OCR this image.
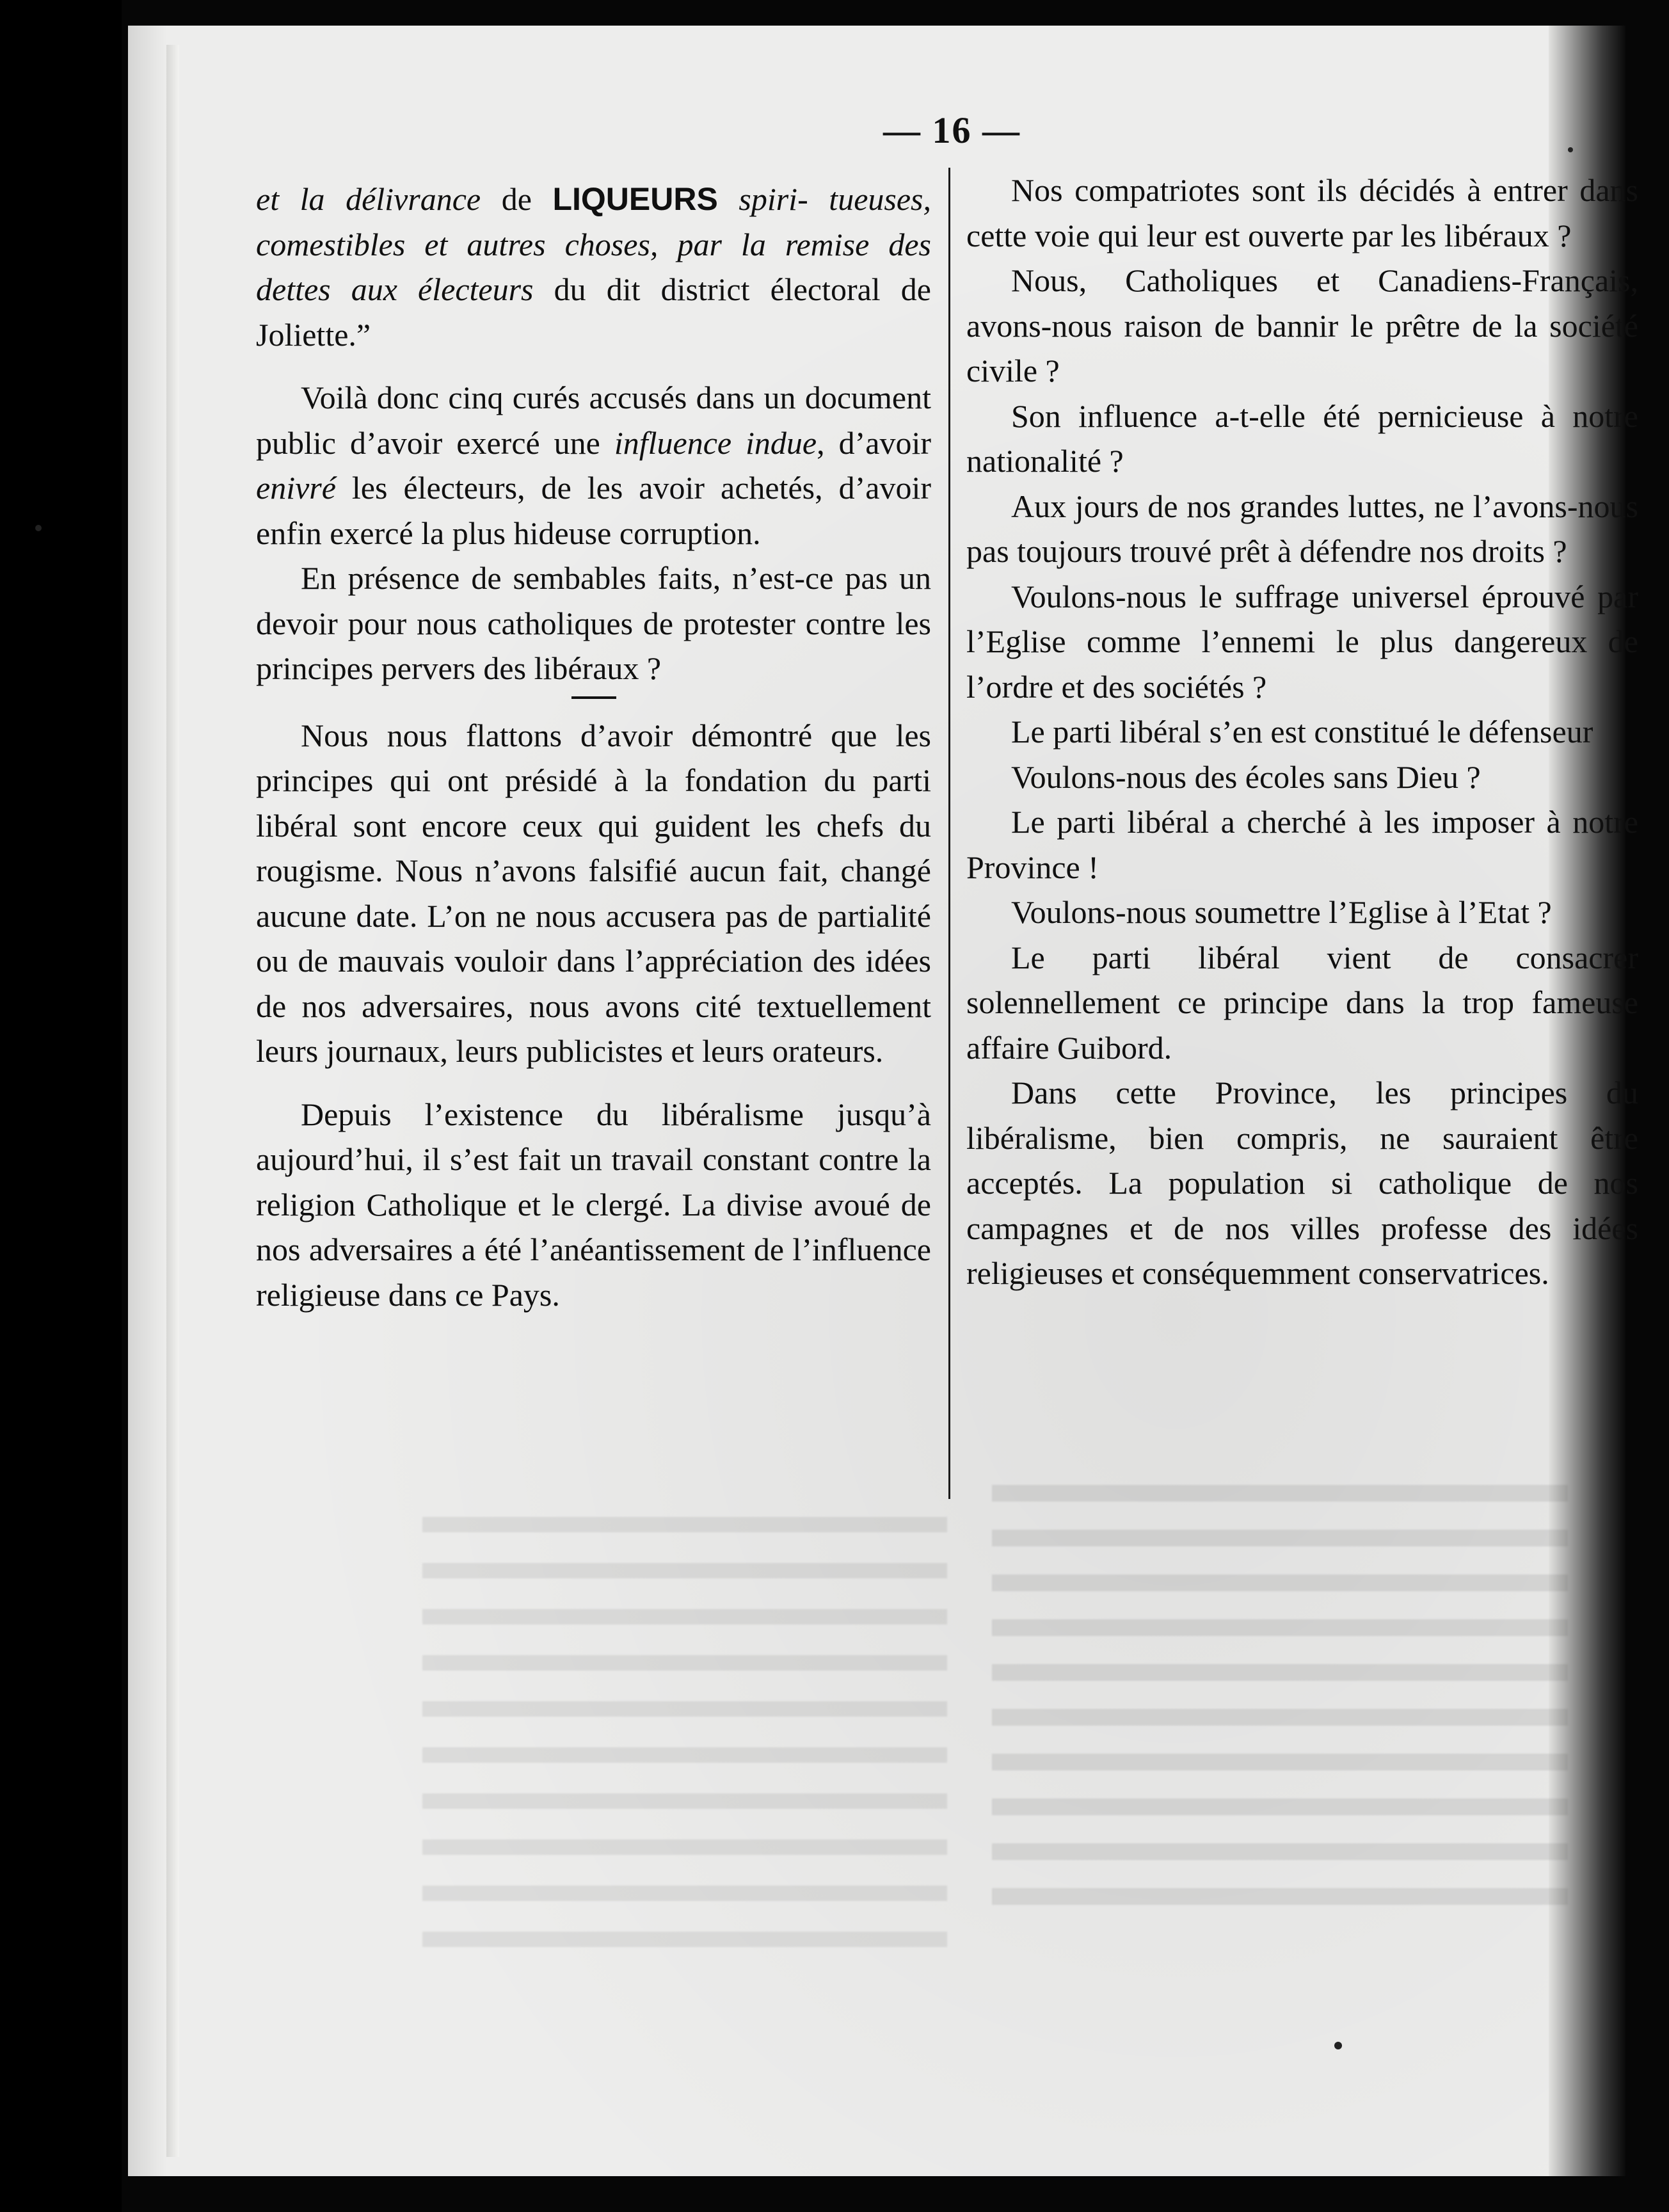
— 16 —

et la délivrance de LIQUEURS spiri- tueuses, comestibles et autres choses, par la remise des dettes aux électeurs du dit district électoral de Joliette.”

Voilà donc cinq curés accusés dans un document public d’avoir exercé une influence indue, d’avoir enivré les électeurs, de les avoir achetés, d’avoir enfin exercé la plus hideuse corruption.

En présence de sembables faits, n’est-ce pas un devoir pour nous catholiques de protester contre les principes pervers des libéraux ?

Nous nous flattons d’avoir démontré que les principes qui ont présidé à la fondation du parti libéral sont encore ceux qui guident les chefs du rougisme. Nous n’avons falsifié aucun fait, changé aucune date. L’on ne nous accusera pas de partialité ou de mauvais vouloir dans l’appréciation des idées de nos adversaires, nous avons cité textuellement leurs journaux, leurs publicistes et leurs orateurs.

Depuis l’existence du libéralisme jusqu’à aujourd’hui, il s’est fait un travail constant contre la religion Catholique et le clergé. La divise avoué de nos adversaires a été l’anéantissement de l’influence religieuse dans ce Pays.

Nos compatriotes sont ils décidés à entrer dans cette voie qui leur est ouverte par les libéraux ?

Nous, Catholiques et Canadiens-Français, avons-nous raison de bannir le prêtre de la société civile ?

Son influence a-t-elle été pernicieuse à notre nationalité ?

Aux jours de nos grandes luttes, ne l’avons-nous pas toujours trouvé prêt à défendre nos droits ?

Voulons-nous le suffrage universel éprouvé par l’Eglise comme l’ennemi le plus dangereux de l’ordre et des sociétés ?

Le parti libéral s’en est constitué le défenseur

Voulons-nous des écoles sans Dieu ?

Le parti libéral a cherché à les imposer à notre Province !

Voulons-nous soumettre l’Eglise à l’Etat ?

Le parti libéral vient de consacrer solennellement ce principe dans la trop fameuse affaire Guibord.

Dans cette Province, les principes du libéralisme, bien compris, ne sauraient être acceptés. La population si catholique de nos campagnes et de nos villes professe des idées religieuses et conséquemment conservatrices.
